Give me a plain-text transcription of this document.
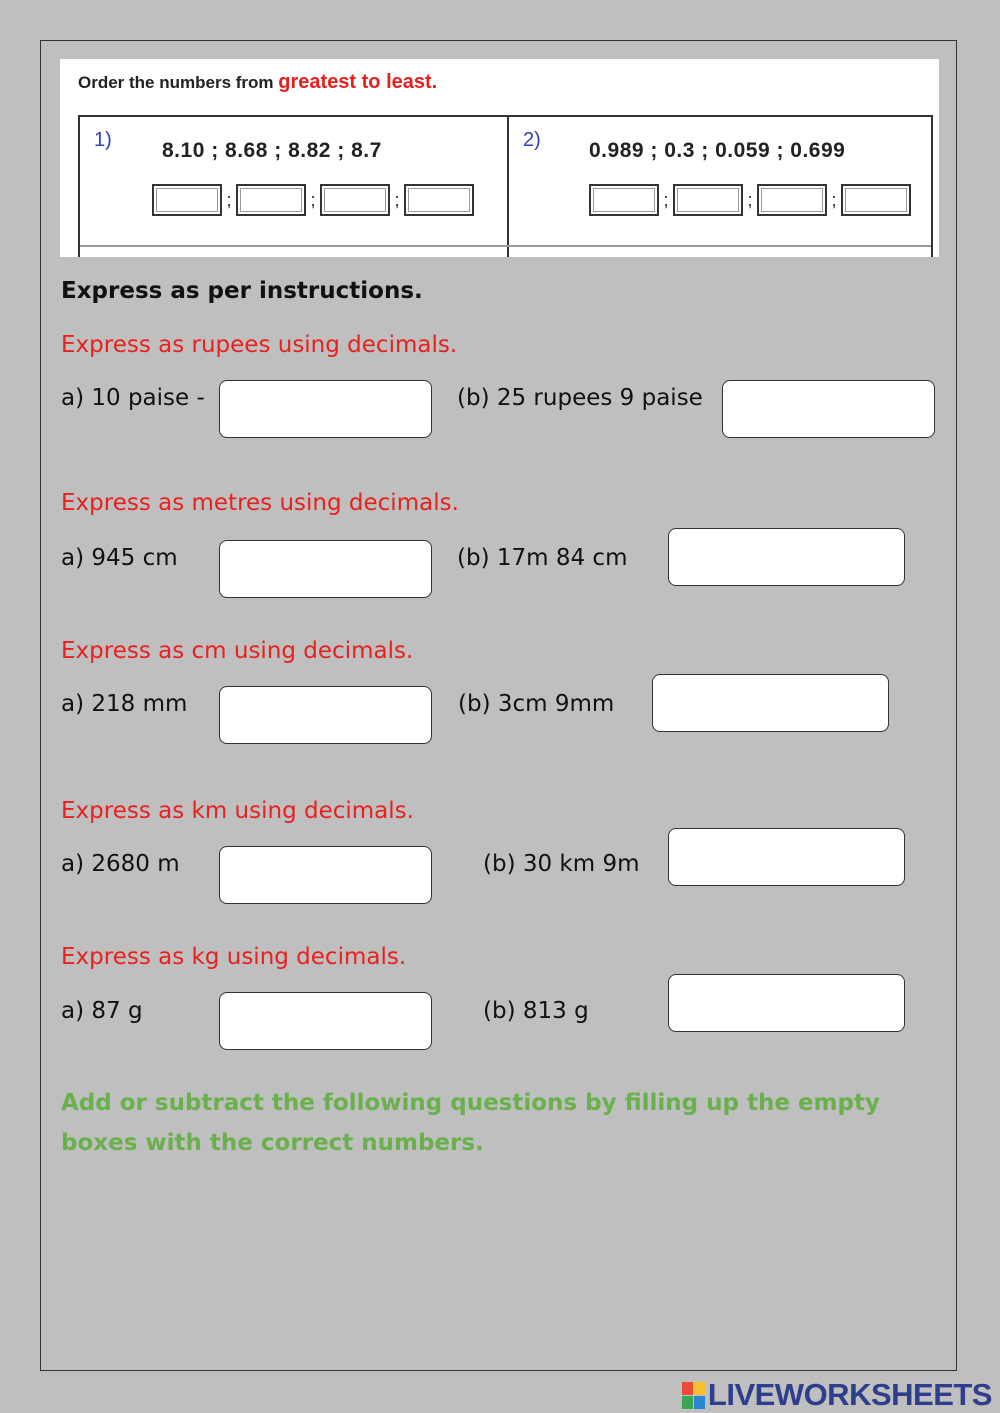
Order the numbers from greatest to least.
1) 8.10 ; 8.68 ; 8.82 ; 8.7
;	;	;
2) 0.989 ; 0.3 ; 0.059 ; 0.699
;	;	;
Express as per instructions.
Express as rupees using decimals.
a) 10 paise -	(b) 25 rupees 9 paise
Express as metres using decimals.
a) 945 cm	(b) 17m 84 cm
Express as cm using decimals.
a) 218 mm	(b) 3cm 9mm
Express as km using decimals.
a) 2680 m	(b) 30 km 9m
Express as kg using decimals.
a) 87 g	(b) 813 g
Add or subtract the following questions by filling up the empty boxes with the correct numbers.
LIVEWORKSHEETS
